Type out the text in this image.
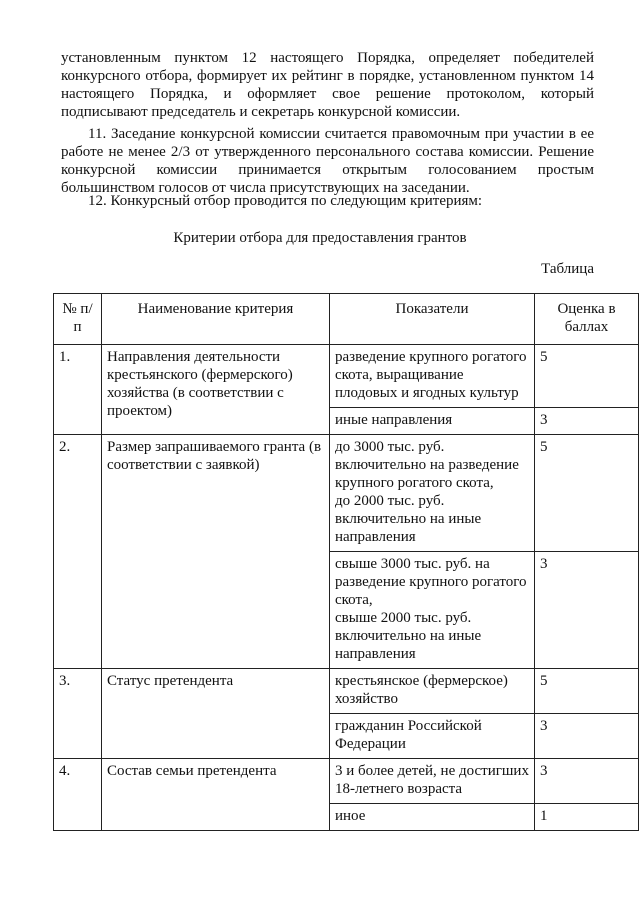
установленным пунктом 12 настоящего Порядка, определяет победителей конкурсного отбора, формирует их рейтинг в порядке, установленном пунктом 14 настоящего Порядка, и оформляет свое решение протоколом, который подписывают председатель и секретарь конкурсной комиссии.

11. Заседание конкурсной комиссии считается правомочным при участии в ее работе не менее 2/3 от утвержденного персонального состава комиссии. Решение конкурсной комиссии принимается открытым голосованием простым большинством голосов от числа присутствующих на заседании.

12. Конкурсный отбор проводится по следующим критериям:

Критерии отбора для предоставления грантов

Таблица

№ п/п	Наименование критерия	Показатели	Оценка в баллах
1.	Направления деятельности крестьянского (фермерского) хозяйства (в соответствии с проектом)	разведение крупного рогатого скота, выращивание плодовых и ягодных культур	5
		иные направления	3
2.	Размер запрашиваемого гранта (в соответствии с заявкой)	до 3000 тыс. руб. включительно на разведение крупного рогатого скота,
до 2000 тыс. руб. включительно на иные направления	5
		свыше 3000 тыс. руб. на разведение крупного рогатого скота,
свыше 2000 тыс. руб. включительно на иные направления	3
3.	Статус претендента	крестьянское (фермерское) хозяйство	5
		гражданин Российской Федерации	3
4.	Состав семьи претендента	3 и более детей, не достигших 18-летнего возраста	3
		иное	1
